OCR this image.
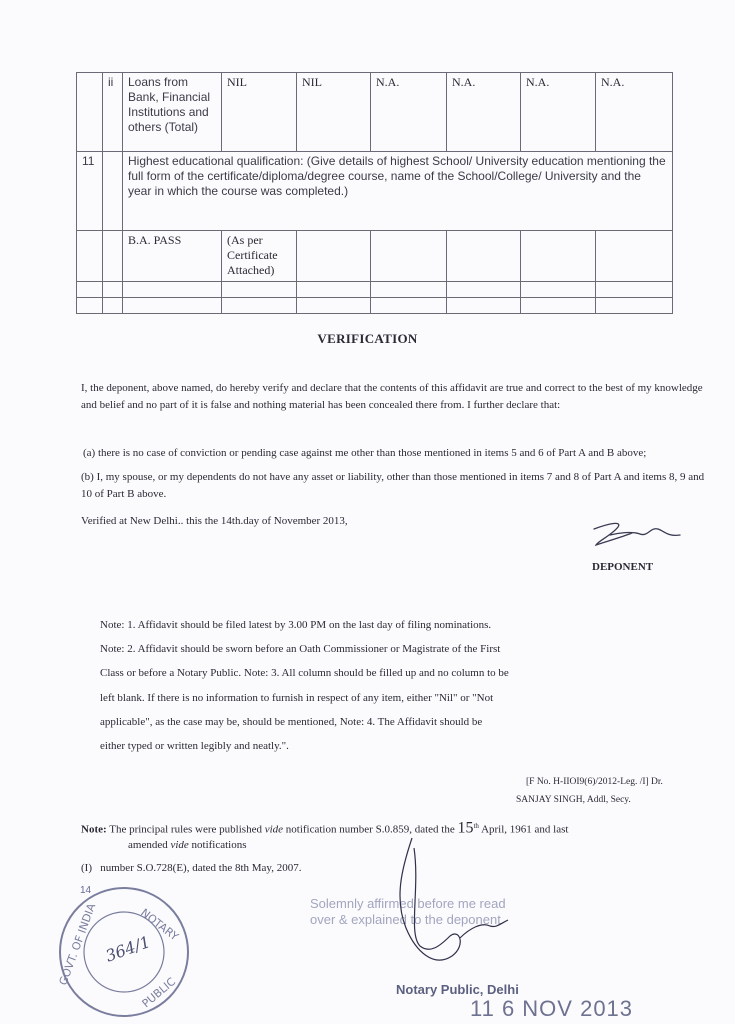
	ii	Loans from Bank, Financial Institutions and others (Total)	NIL	NIL	N.A.	N.A.	N.A.	N.A.
11		Highest educational qualification: (Give details of highest School/ University education mentioning the full form of the certificate/diploma/degree course, name of the School/College/ University and the year in which the course was completed.)						
		B.A. PASS	(As per Certificate Attached)					

VERIFICATION
I, the deponent, above named, do hereby verify and declare that the contents of this affidavit are true and correct to the best of my knowledge and belief and no part of it is false and nothing material has been concealed there from. I further declare that:
(a) there is no case of conviction or pending case against me other than those mentioned in items 5 and 6 of Part A and B above;
(b) I, my spouse, or my dependents do not have any asset or liability, other than those mentioned in items 7 and 8 of Part A and items 8, 9 and 10 of Part B above.
Verified at New Delhi.. this the 14th.day of November 2013,
DEPONENT
Note: 1. Affidavit should be filed latest by 3.00 PM on the last day of filing nominations.
Note: 2. Affidavit should be sworn before an Oath Commissioner or Magistrate of the First
Class or before a Notary Public. Note: 3. All column should be filled up and no column to be
left blank. If there is no information to furnish in respect of any item, either "Nil" or "Not
applicable", as the case may be, should be mentioned, Note: 4. The Affidavit should be
either typed or written legibly and neatly.".
[F No. H-IIOI9(6)/2012-Leg. /I] Dr.
SANJAY SINGH, Addl, Secy.
Note: The principal rules were published vide notification number S.0.859, dated the 15th April, 1961 and last
amended vide notifications
(I) number S.O.728(E), dated the 8th May, 2007.
14
NOTARY
GOVT. OF INDIA
PUBLIC
364/1
Solemnly affirmed before me read
over & explained to the deponent
Notary Public, Delhi
11 6 NOV 2013
